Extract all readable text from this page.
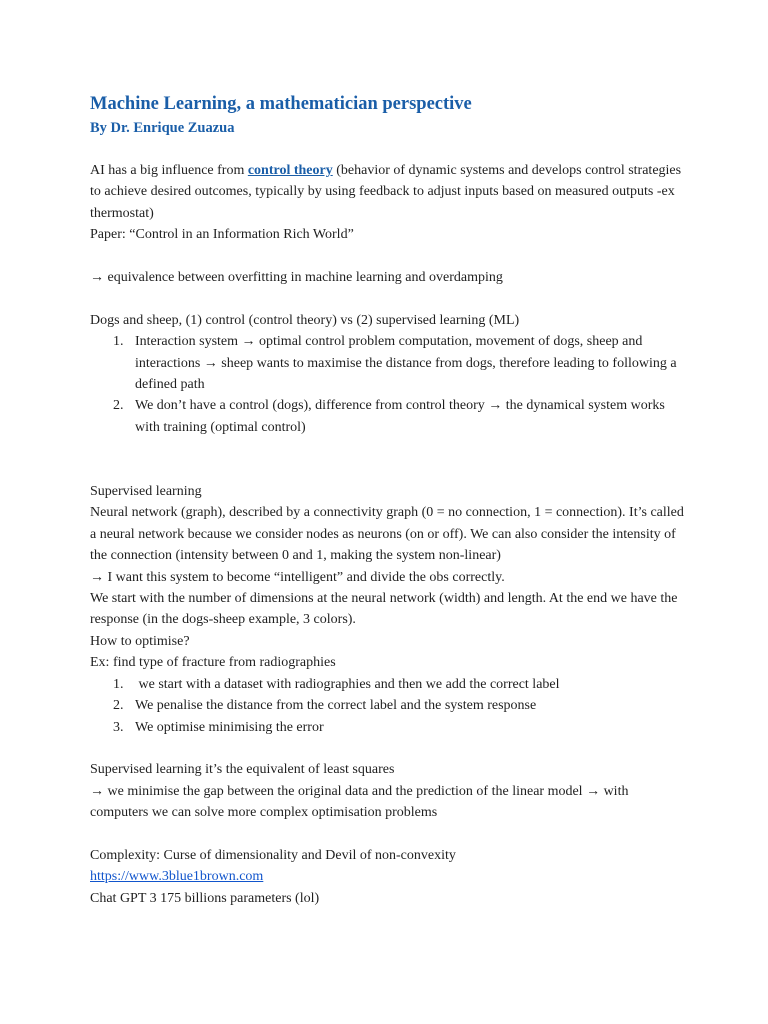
Machine Learning, a mathematician perspective
By Dr. Enrique Zuazua

AI has a big influence from control theory (behavior of dynamic systems and develops control strategies to achieve desired outcomes, typically by using feedback to adjust inputs based on measured outputs -ex thermostat)

Paper: “Control in an Information Rich World”

→ equivalence between overfitting in machine learning and overdamping

Dogs and sheep, (1) control (control theory) vs (2) supervised learning (ML)

1. Interaction system → optimal control problem computation, movement of dogs, sheep and interactions → sheep wants to maximise the distance from dogs, therefore leading to following a defined path
2. We don’t have a control (dogs), difference from control theory → the dynamical system works with training (optimal control)

Supervised learning

Neural network (graph), described by a connectivity graph (0 = no connection, 1 = connection). It’s called a neural network because we consider nodes as neurons (on or off). We can also consider the intensity of the connection (intensity between 0 and 1, making the system non-linear)

→ I want this system to become “intelligent” and divide the obs correctly.

We start with the number of dimensions at the neural network (width) and length. At the end we have the response (in the dogs-sheep example, 3 colors).

How to optimise?

Ex: find type of fracture from radiographies

1. we start with a dataset with radiographies and then we add the correct label
2. We penalise the distance from the correct label and the system response
3. We optimise minimising the error

Supervised learning it’s the equivalent of least squares

→ we minimise the gap between the original data and the prediction of the linear model → with computers we can solve more complex optimisation problems

Complexity: Curse of dimensionality and Devil of non-convexity

https://www.3blue1brown.com

Chat GPT 3 175 billions parameters (lol)
